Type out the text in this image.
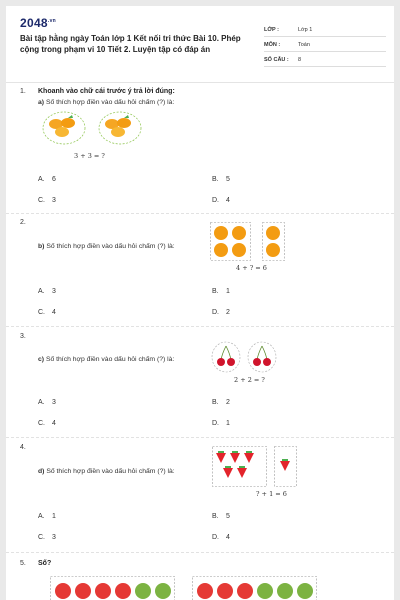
$2048^{.vn}$
Bài tập hằng ngày Toán lớp 1 Kết nối tri thức Bài 10. Phép cộng trong phạm vi 10 Tiết 2. Luyện tập có đáp án
LỚP :	Lớp 1
MÔN :	Toán
SỐ CÂU : 8
1. Khoanh vào chữ cái trước ý trả lời đúng:
a) Số thích hợp điền vào dấu hỏi chấm (?) là:
3 + 3 = ?
A. 6	B. 5
C. 3	D. 4
2.
b) Số thích hợp điền vào dấu hỏi chấm (?) là:
4 + ? = 6
A. 3	B. 1
C. 4	D. 2
3.
c) Số thích hợp điền vào dấu hỏi chấm (?) là:
2 + 2 = ?
A. 3	B. 2
C. 4	D. 1
4.
d) Số thích hợp điền vào dấu hỏi chấm (?) là:
? + 1 = 6
A. 1	B. 5
C. 3	D. 4
5. Số?
